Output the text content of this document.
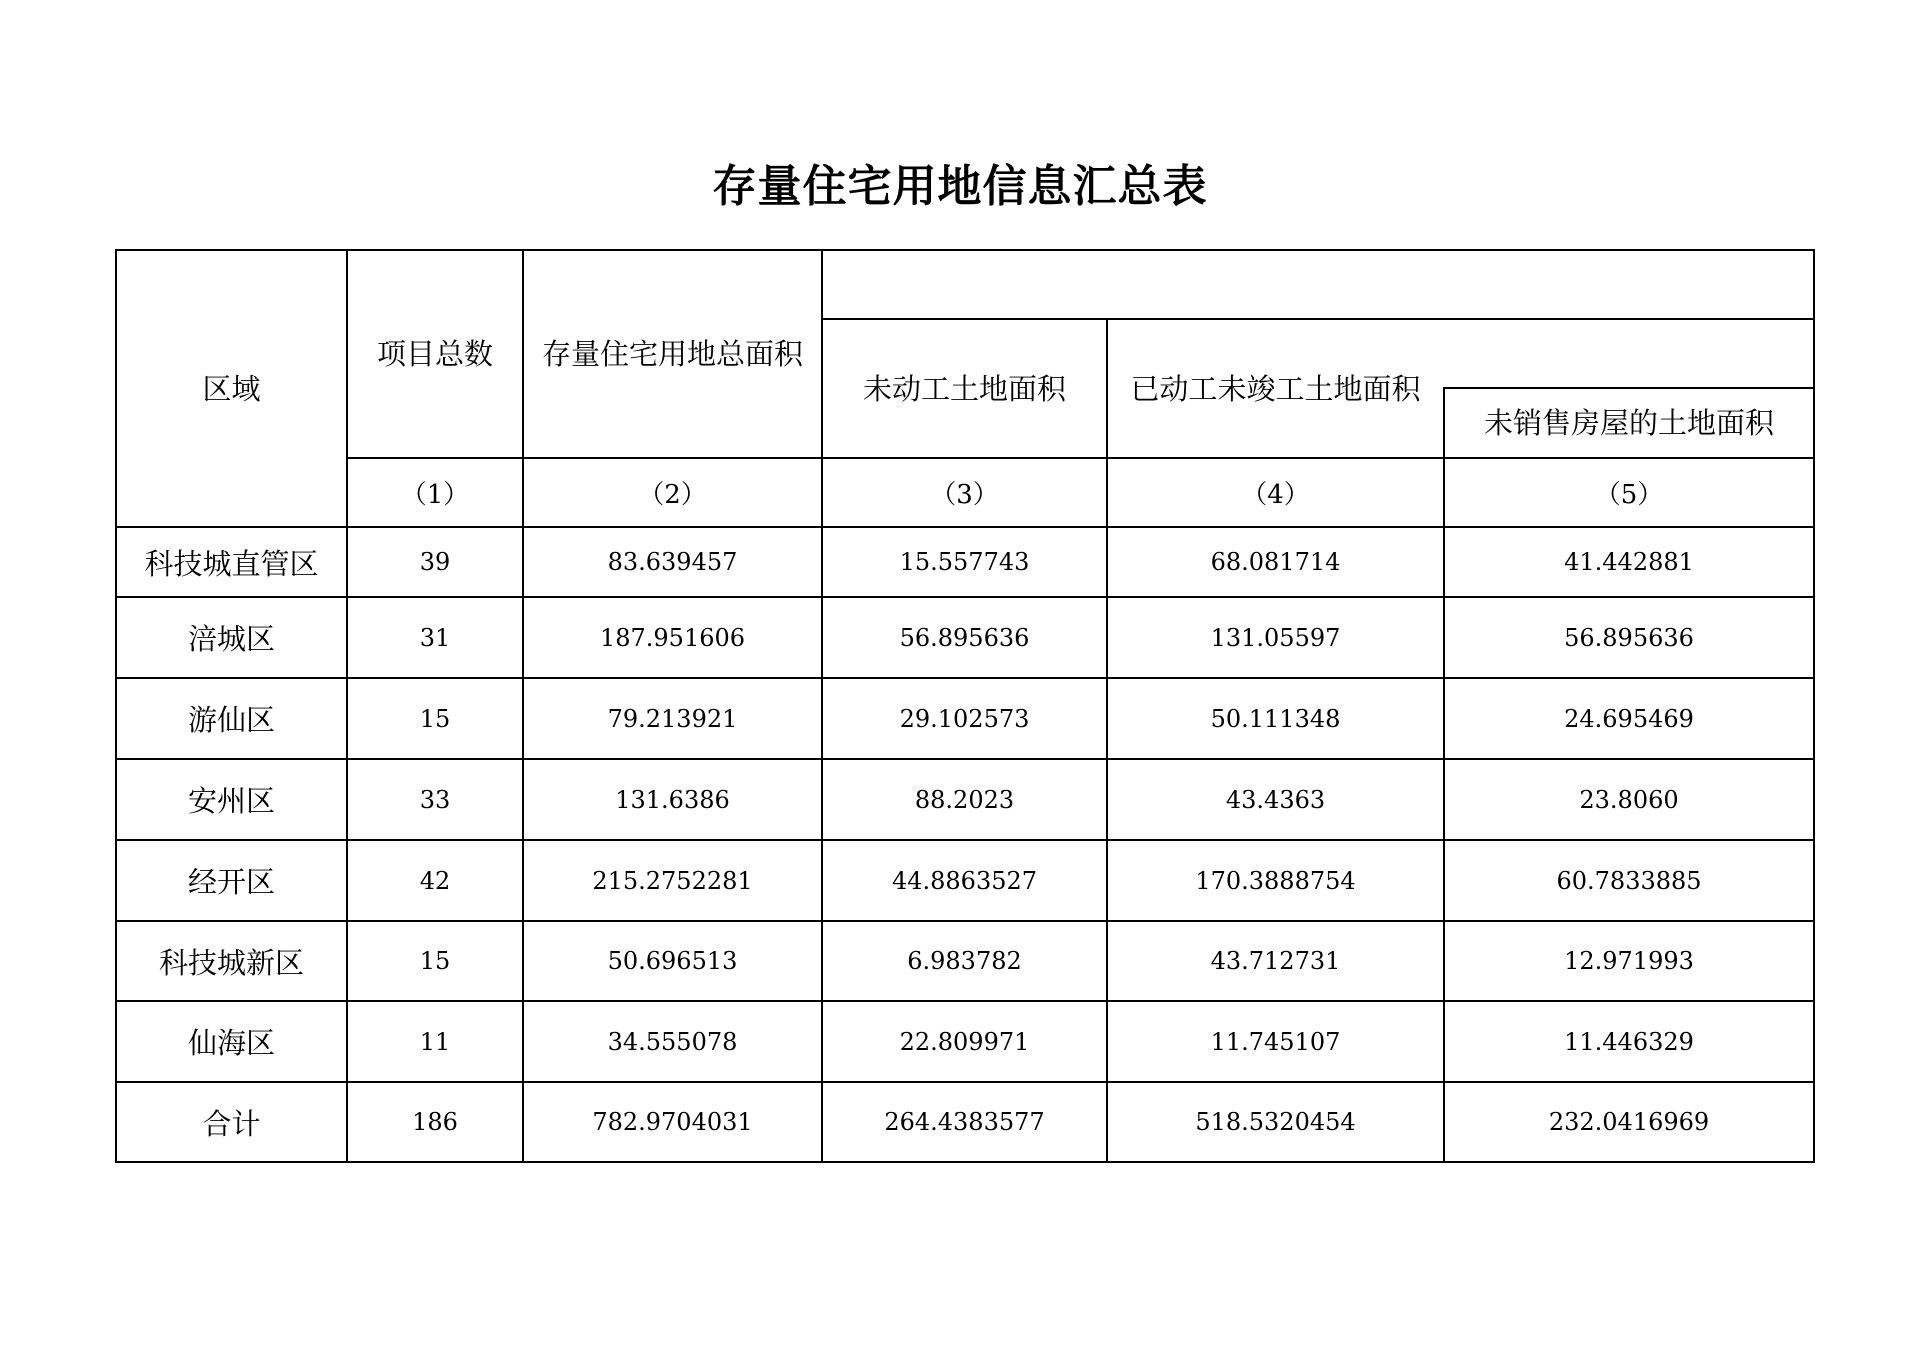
存量住宅用地信息汇总表
区域	项目总数	存量住宅用地总面积			
			未动工土地面积	已动工未竣工土地面积	
					未销售房屋的土地面积
	（1）	（2）	（3）	（4）	（5）
科技城直管区	39	83.639457	15.557743	68.081714	41.442881
涪城区	31	187.951606	56.895636	131.05597	56.895636
游仙区	15	79.213921	29.102573	50.111348	24.695469
安州区	33	131.6386	88.2023	43.4363	23.8060
经开区	42	215.2752281	44.8863527	170.3888754	60.7833885
科技城新区	15	50.696513	6.983782	43.712731	12.971993
仙海区	11	34.555078	22.809971	11.745107	11.446329
合计	186	782.9704031	264.4383577	518.5320454	232.0416969
